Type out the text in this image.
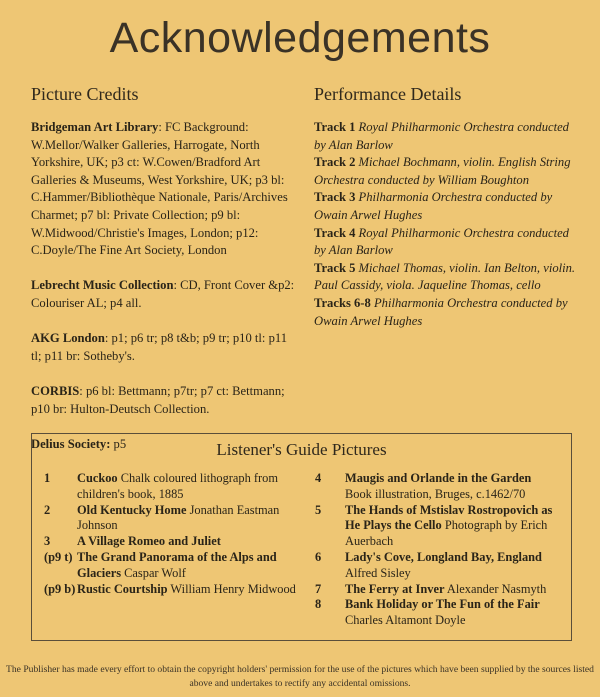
Acknowledgements
Picture Credits	Performance Details

Bridgeman Art Library: FC Background: W.Mellor/Walker Galleries, Harrogate, North Yorkshire, UK; p3 ct: W.Cowen/Bradford Art Galleries & Museums, West Yorkshire, UK; p3 bl: C.Hammer/Bibliothèque Nationale, Paris/Archives Charmet; p7 bl: Private Collection; p9 bl: W.Midwood/Christie's Images, London; p12: C.Doyle/The Fine Art Society, London

Lebrecht Music Collection: CD, Front Cover &p2: Colouriser AL; p4 all.

AKG London: p1; p6 tr; p8 t&b; p9 tr; p10 tl: p11 tl; p11 br: Sotheby's.

CORBIS: p6 bl: Bettmann; p7tr; p7 ct: Bettmann; p10 br: Hulton-Deutsch Collection.

Delius Society: p5

Track 1 Royal Philharmonic Orchestra conducted by Alan Barlow

Track 2 Michael Bochmann, violin. English String Orchestra conducted by William Boughton

Track 3 Philharmonia Orchestra conducted by Owain Arwel Hughes

Track 4 Royal Philharmonic Orchestra conducted by Alan Barlow

Track 5 Michael Thomas, violin. Ian Belton, violin. Paul Cassidy, viola. Jaqueline Thomas, cello

Tracks 6-8 Philharmonia Orchestra conducted by Owain Arwel Hughes

Listener's Guide Pictures
1	Cuckoo Chalk coloured lithograph from children's book, 1885
2	Old Kentucky Home Jonathan Eastman Johnson
3	A Village Romeo and Juliet
(p9 t) The Grand Panorama of the Alps and Glaciers Caspar Wolf
(p9 b) Rustic Courtship William Henry Midwood
4	Maugis and Orlande in the Garden
Book illustration, Bruges, c.1462/70
5	The Hands of Mstislav Rostropovich as He Plays the Cello Photograph by Erich Auerbach
6	Lady's Cove, Longland Bay, England
Alfred Sisley
7	The Ferry at Inver Alexander Nasmyth
8	Bank Holiday or The Fun of the Fair
Charles Altamont Doyle
The Publisher has made every effort to obtain the copyright holders' permission for the use of the pictures which have been supplied by the sources listed above and undertakes to rectify any accidental omissions.
